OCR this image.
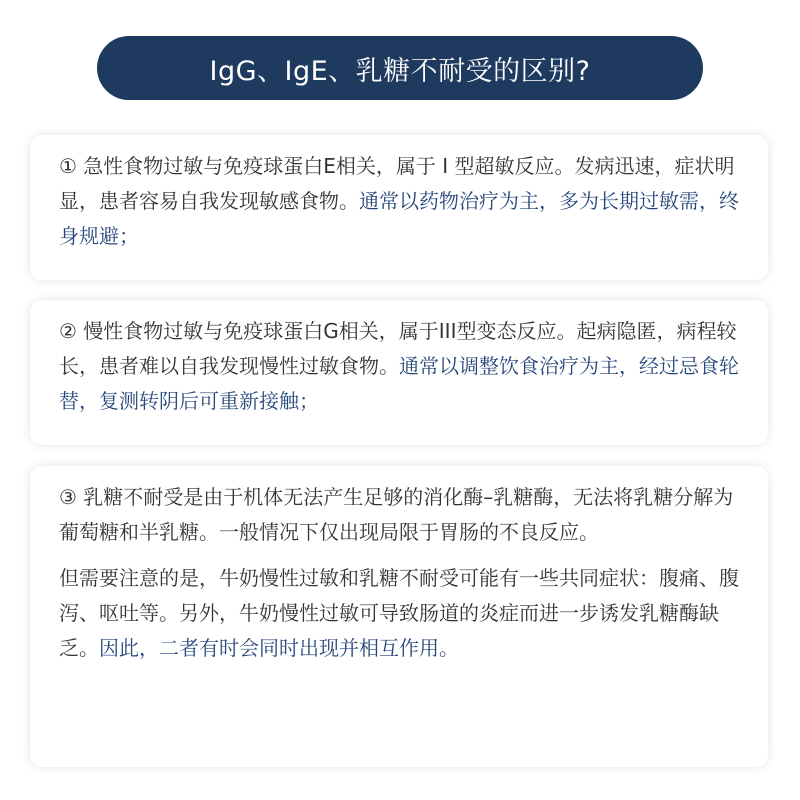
IgG、IgE、乳糖不耐受的区别?

① 急性食物过敏与免疫球蛋白E相关，属于 I 型超敏反应。发病迅速，症状明显，患者容易自我发现敏感食物。通常以药物治疗为主，多为长期过敏需，终身规避；

② 慢性食物过敏与免疫球蛋白G相关，属于III型变态反应。起病隐匿，病程较长，患者难以自我发现慢性过敏食物。通常以调整饮食治疗为主，经过忌食轮替，复测转阴后可重新接触；

③ 乳糖不耐受是由于机体无法产生足够的消化酶–乳糖酶，无法将乳糖分解为葡萄糖和半乳糖。一般情况下仅出现局限于胃肠的不良反应。

但需要注意的是，牛奶慢性过敏和乳糖不耐受可能有一些共同症状：腹痛、腹泻、呕吐等。另外，牛奶慢性过敏可导致肠道的炎症而进一步诱发乳糖酶缺乏。因此，二者有时会同时出现并相互作用。
